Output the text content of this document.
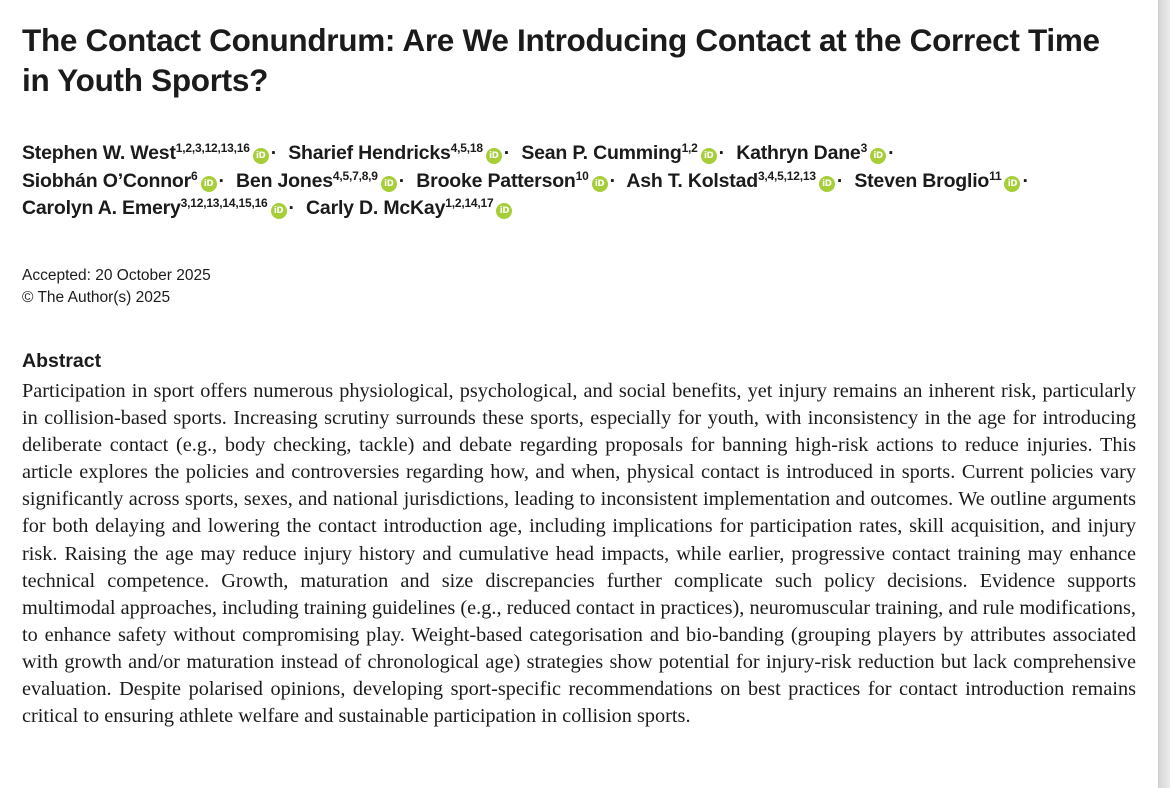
The Contact Conundrum: Are We Introducing Contact at the Correct Time in Youth Sports?
Stephen W. West$^{1,2,3,12,13,16}$iD · Sharief Hendricks$^{4,5,18}$iD · Sean P. Cumming$^{1,2}$iD · Kathryn Dane$^3$iD ·
Siobhán O’Connor$^6$iD · Ben Jones$^{4,5,7,8,9}$iD · Brooke Patterson$^{10}$iD · Ash T. Kolstad$^{3,4,5,12,13}$iD · Steven Broglio$^{11}$iD ·
Carolyn A. Emery$^{3,12,13,14,15,16}$iD · Carly D. McKay$^{1,2,14,17}$iD
Accepted: 20 October 2025
© The Author(s) 2025
Abstract

Participation in sport offers numerous physiological, psychological, and social benefits, yet injury remains an inherent risk, particularly in collision-based sports. Increasing scrutiny surrounds these sports, especially for youth, with inconsistency in the age for introducing deliberate contact (e.g., body checking, tackle) and debate regarding proposals for banning high-risk actions to reduce injuries. This article explores the policies and controversies regarding how, and when, physical contact is introduced in sports. Current policies vary significantly across sports, sexes, and national jurisdictions, leading to inconsistent implementation and outcomes. We outline arguments for both delaying and lowering the contact introduction age, including implications for participation rates, skill acquisition, and injury risk. Raising the age may reduce injury history and cumulative head impacts, while earlier, progressive contact training may enhance technical competence. Growth, maturation and size discrepancies further complicate such policy decisions. Evidence supports multimodal approaches, including training guidelines (e.g., reduced contact in practices), neuromuscular training, and rule modifications, to enhance safety without compromising play. Weight-based categorisation and bio-banding (grouping players by attributes associated with growth and/or maturation instead of chronological age) strategies show potential for injury-risk reduction but lack comprehensive evaluation. Despite polarised opinions, developing sport-specific recommendations on best practices for contact introduction remains critical to ensuring athlete welfare and sustainable participation in collision sports.
